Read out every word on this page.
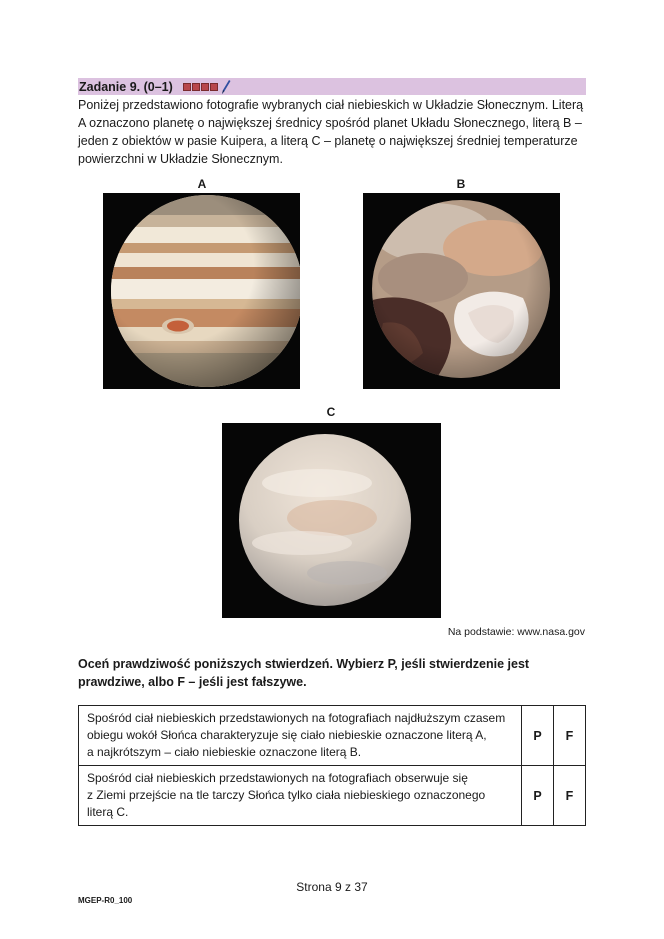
Zadanie 9. (0–1)
Poniżej przedstawiono fotografie wybranych ciał niebieskich w Układzie Słonecznym. Literą A oznaczono planetę o największej średnicy spośród planet Układu Słonecznego, literą B – jeden z obiektów w pasie Kuipera, a literą C – planetę o największej średniej temperaturze powierzchni w Układzie Słonecznym.
A	B
C
Na podstawie: www.nasa.gov
Oceń prawdziwość poniższych stwierdzeń. Wybierz P, jeśli stwierdzenie jest prawdziwe, albo F – jeśli jest fałszywe.
Spośród ciał niebieskich przedstawionych na fotografiach najdłuższym czasem
obiegu wokół Słońca charakteryzuje się ciało niebieskie oznaczone literą A,
a najkrótszym – ciało niebieskie oznaczone literą B.	P	F

Spośród ciał niebieskich przedstawionych na fotografiach obserwuje się
z Ziemi przejście na tle tarczy Słońca tylko ciała niebieskiego oznaczonego
literą C.	P	F
Strona 9 z 37
MGEP-R0_100
